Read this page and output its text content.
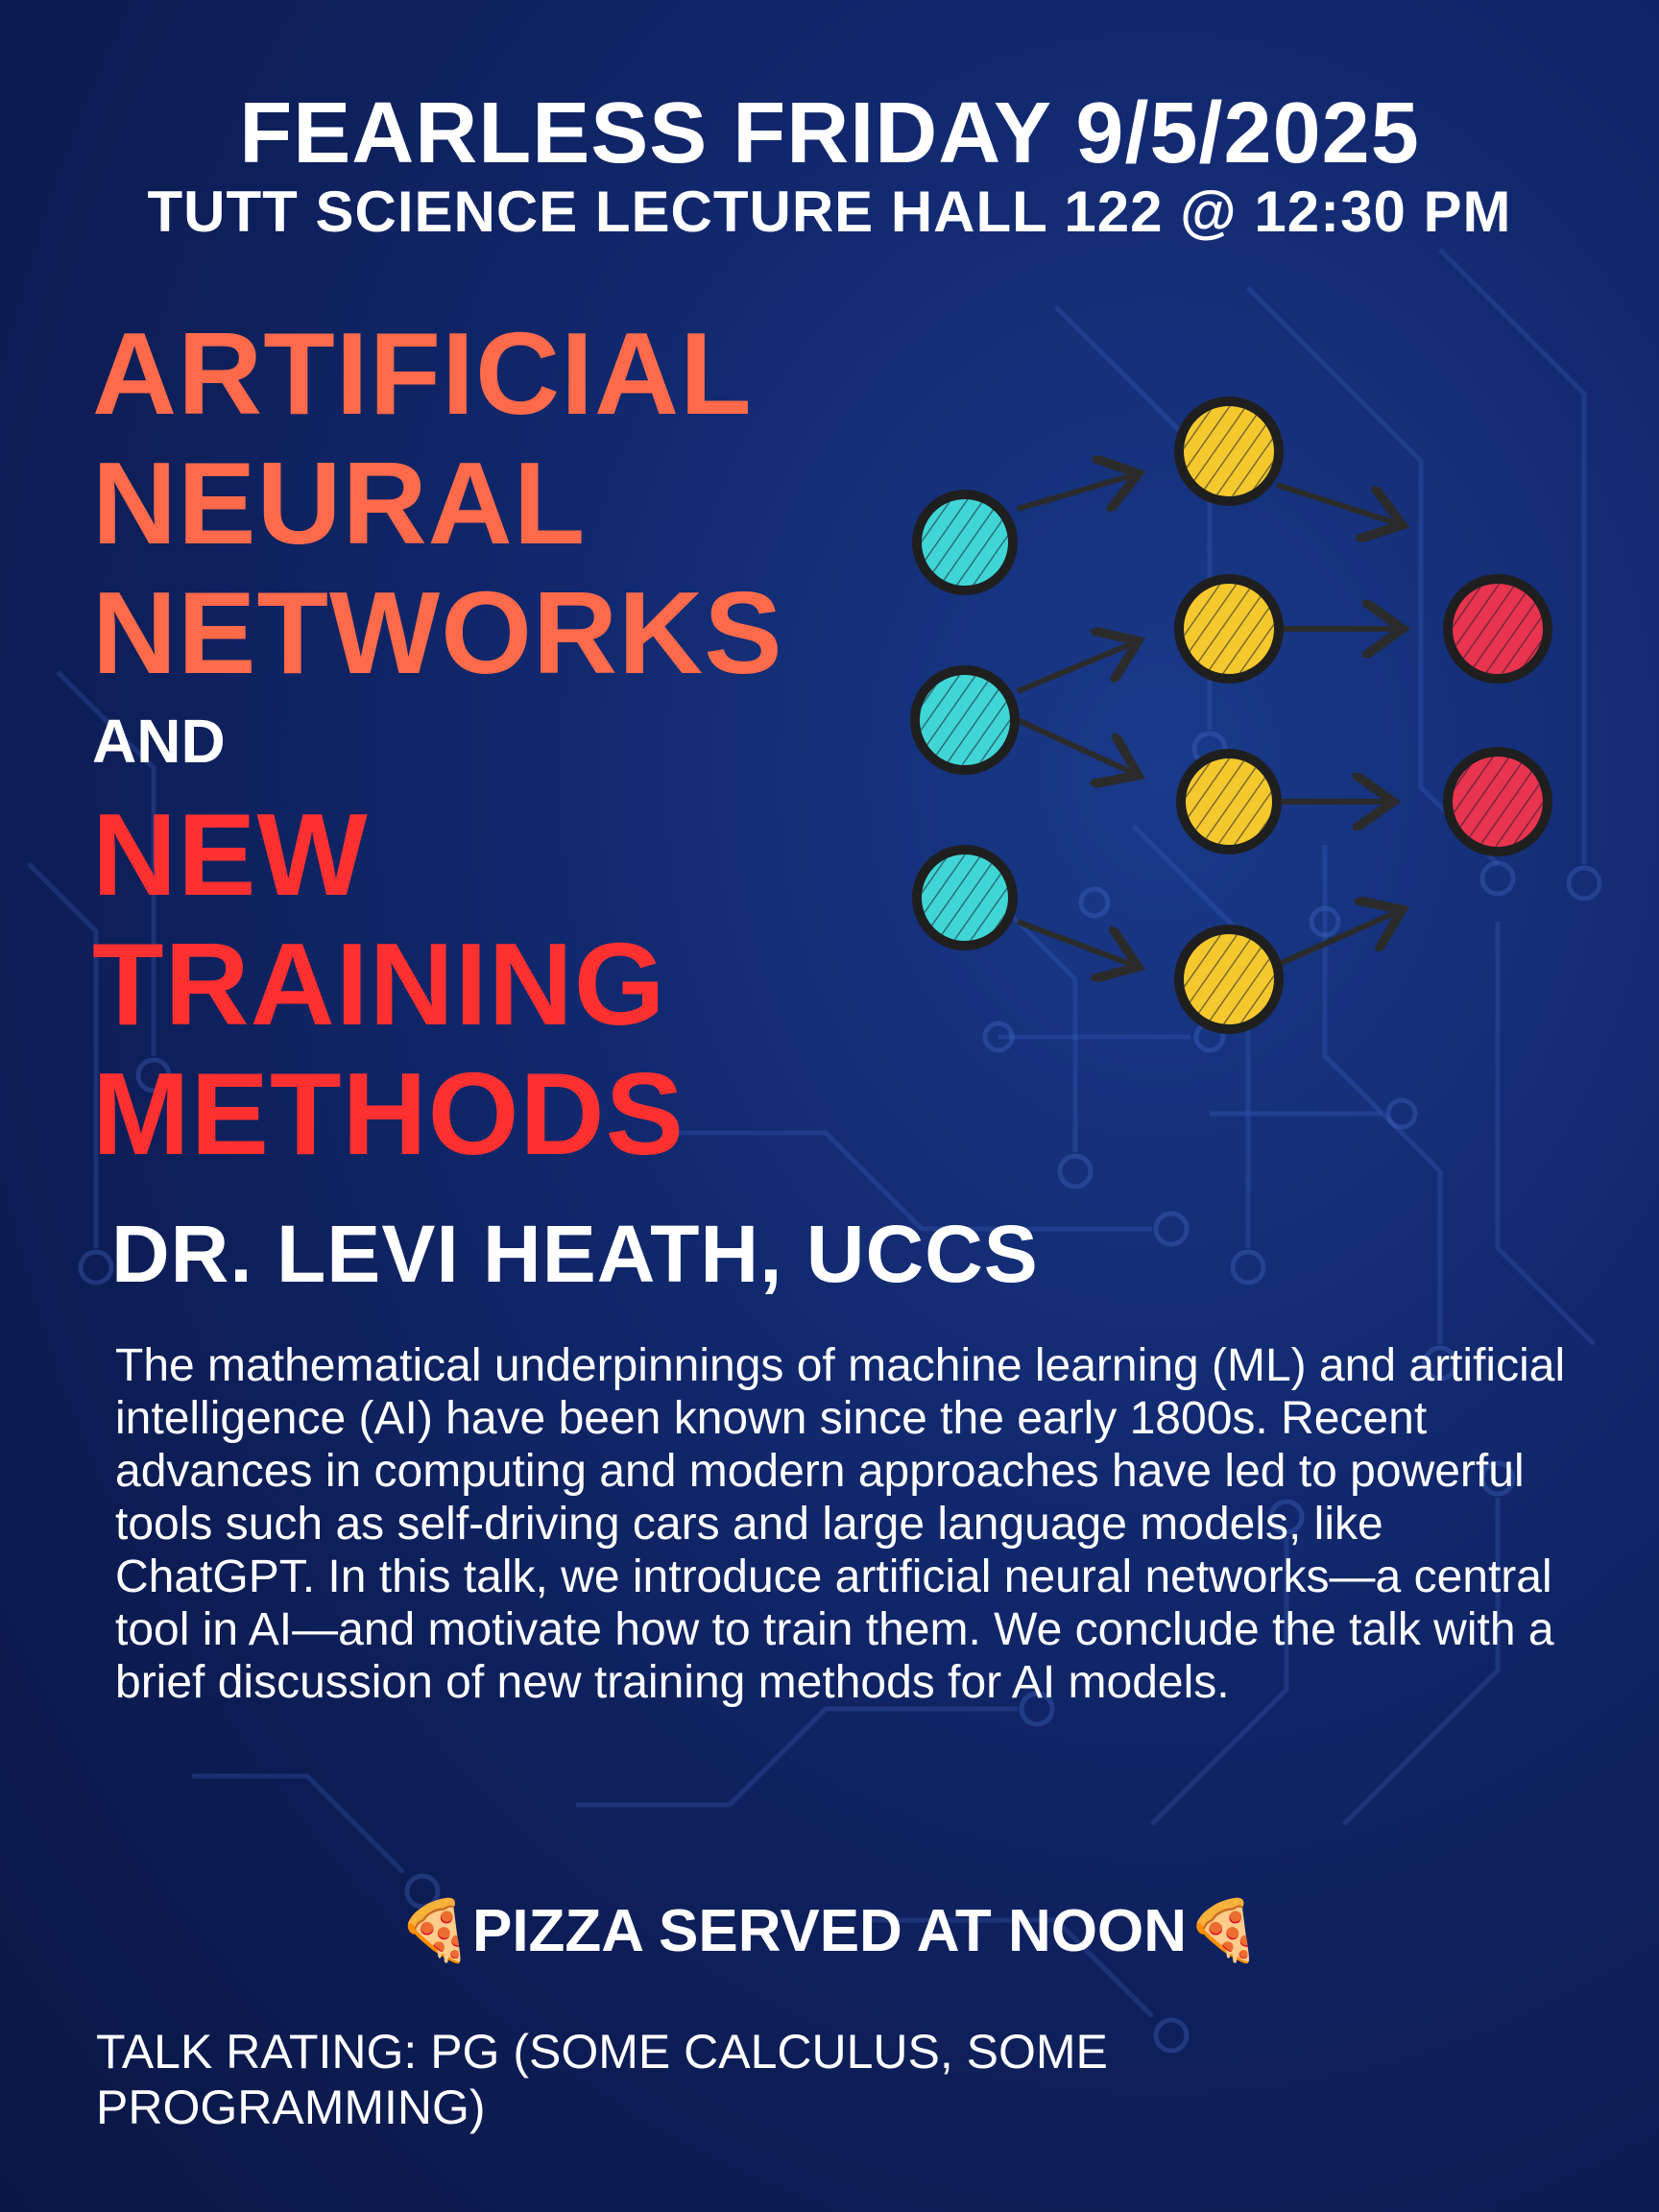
FEARLESS FRIDAY 9/5/2025
TUTT SCIENCE LECTURE HALL 122 @ 12:30 PM
ARTIFICIAL
NEURAL
NETWORKS
AND
NEW
TRAINING
METHODS
DR. LEVI HEATH, UCCS
The mathematical underpinnings of machine learning (ML) and artificial intelligence (AI) have been known since the early 1800s. Recent advances in computing and modern approaches have led to powerful tools such as self-driving cars and large language models, like ChatGPT. In this talk, we introduce artificial neural networks—a central tool in AI—and motivate how to train them. We conclude the talk with a brief discussion of new training methods for AI models.
🍕PIZZA SERVED AT NOON🍕
TALK RATING: PG (SOME CALCULUS, SOME PROGRAMMING)
